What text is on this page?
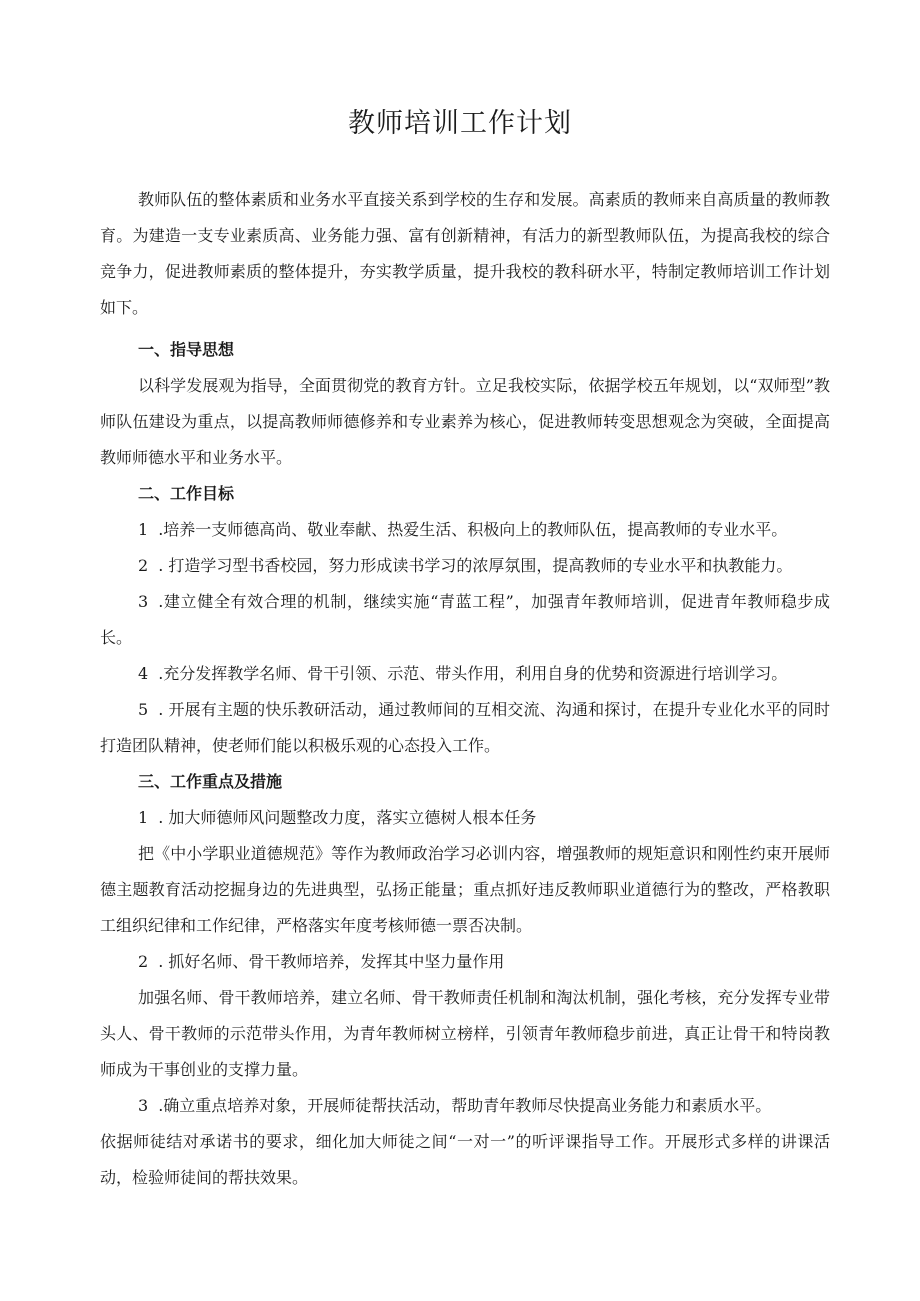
教师培训工作计划

教师队伍的整体素质和业务水平直接关系到学校的生存和发展。高素质的教师来自高质量的教师教育。为建造一支专业素质高、业务能力强、富有创新精神，有活力的新型教师队伍，为提高我校的综合竞争力，促进教师素质的整体提升，夯实教学质量，提升我校的教科研水平，特制定教师培训工作计划如下。

一、指导思想

以科学发展观为指导，全面贯彻党的教育方针。立足我校实际，依据学校五年规划，以“双师型”教师队伍建设为重点，以提高教师师德修养和专业素养为核心，促进教师转变思想观念为突破，全面提高教师师德水平和业务水平。

二、工作目标

1 .培养一支师德高尚、敬业奉献、热爱生活、积极向上的教师队伍，提高教师的专业水平。

2 . 打造学习型书香校园，努力形成读书学习的浓厚氛围，提高教师的专业水平和执教能力。

3 .建立健全有效合理的机制，继续实施“青蓝工程”，加强青年教师培训，促进青年教师稳步成长。

4 .充分发挥教学名师、骨干引领、示范、带头作用，利用自身的优势和资源进行培训学习。

5 . 开展有主题的快乐教研活动，通过教师间的互相交流、沟通和探讨，在提升专业化水平的同时打造团队精神，使老师们能以积极乐观的心态投入工作。

三、工作重点及措施

1 . 加大师德师风问题整改力度，落实立德树人根本任务

把《中小学职业道德规范》等作为教师政治学习必训内容，增强教师的规矩意识和刚性约束开展师德主题教育活动挖掘身边的先进典型，弘扬正能量；重点抓好违反教师职业道德行为的整改，严格教职工组织纪律和工作纪律，严格落实年度考核师德一票否决制。

2 . 抓好名师、骨干教师培养，发挥其中坚力量作用

加强名师、骨干教师培养，建立名师、骨干教师责任机制和淘汰机制，强化考核，充分发挥专业带头人、骨干教师的示范带头作用，为青年教师树立榜样，引领青年教师稳步前进，真正让骨干和特岗教师成为干事创业的支撑力量。

3 .确立重点培养对象，开展师徒帮扶活动，帮助青年教师尽快提高业务能力和素质水平。

依据师徒结对承诺书的要求，细化加大师徒之间“一对一”的听评课指导工作。开展形式多样的讲课活动，检验师徒间的帮扶效果。
